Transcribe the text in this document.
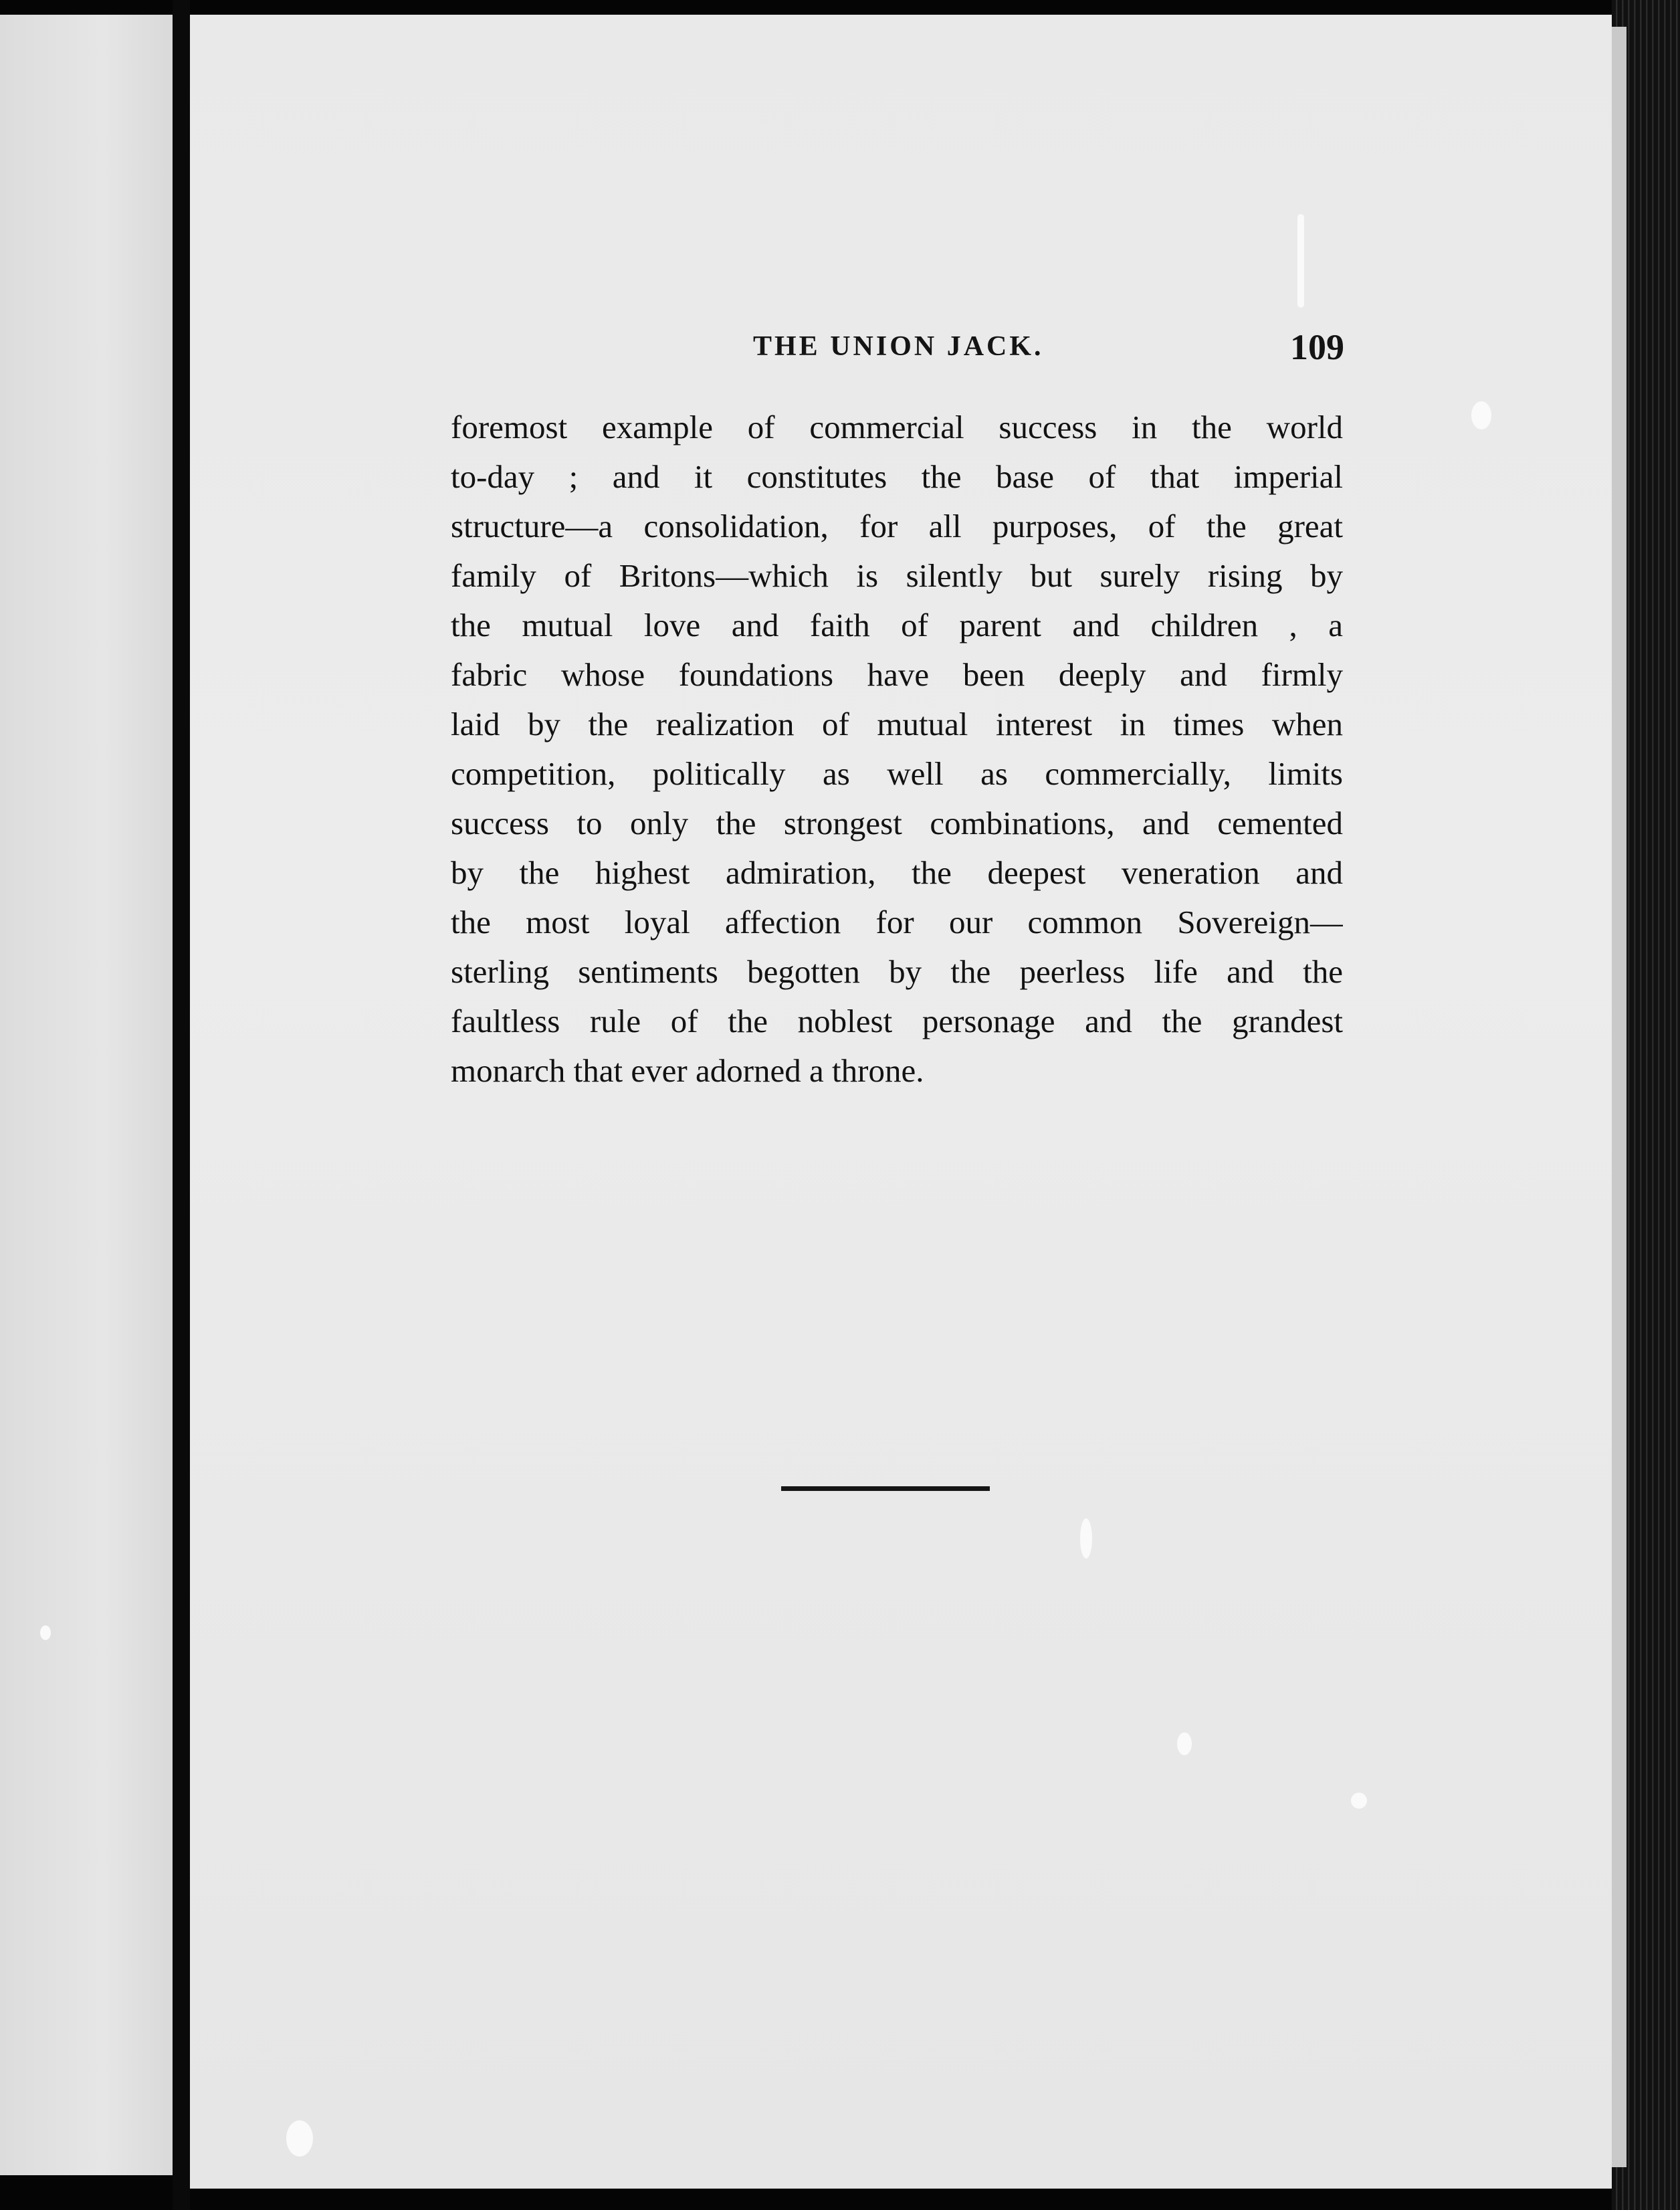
THE UNION JACK.	109
foremost example of commercial success in the world
to-day ; and it constitutes the base of that imperial
structure—a consolidation, for all purposes, of the great
family of Britons—which is silently but surely rising by
the mutual love and faith of parent and children , a
fabric whose foundations have been deeply and firmly
laid by the realization of mutual interest in times when
competition, politically as well as commercially, limits
success to only the strongest combinations, and cemented
by the highest admiration, the deepest veneration and
the most loyal affection for our common Sovereign—
sterling sentiments begotten by the peerless life and the
faultless rule of the noblest personage and the grandest
monarch that ever adorned a throne.
